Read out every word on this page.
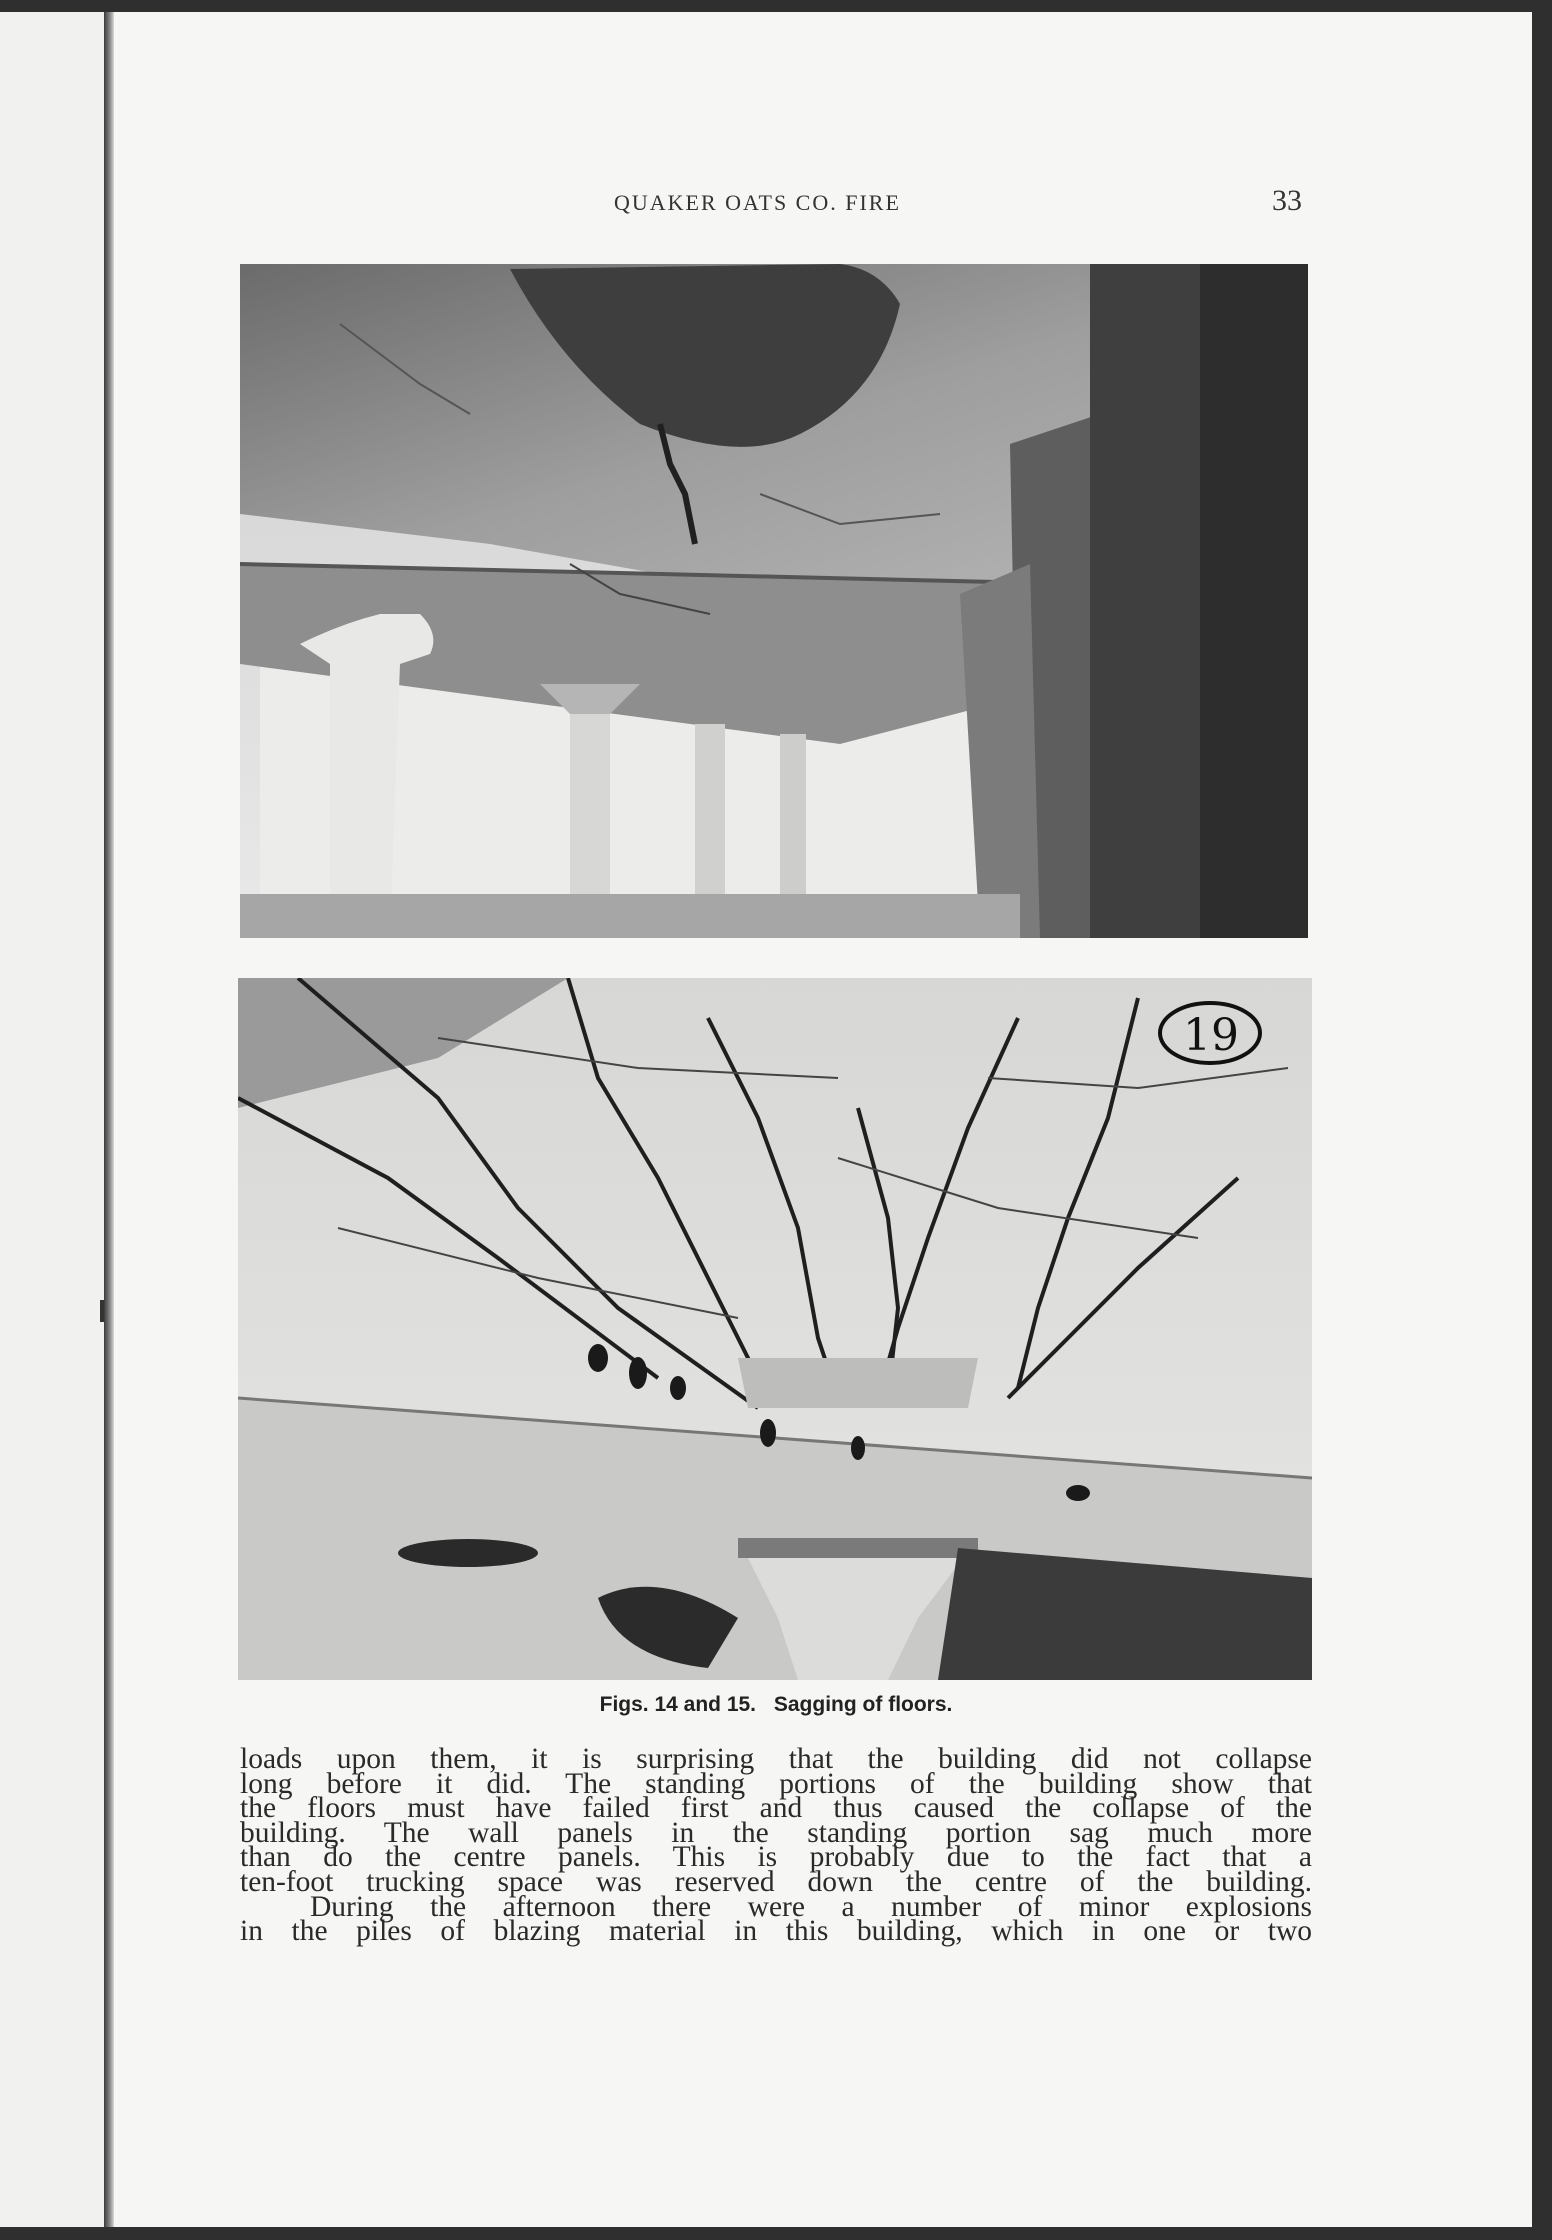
QUAKER OATS CO. FIRE	33
19
Figs. 14 and 15. Sagging of floors.
loads upon them, it is surprising that the building did not collapse
long before it did. The standing portions of the building show that
the floors must have failed first and thus caused the collapse of the
building. The wall panels in the standing portion sag much more
than do the centre panels. This is probably due to the fact that a
ten-foot trucking space was reserved down the centre of the building.
During the afternoon there were a number of minor explosions
in the piles of blazing material in this building, which in one or two
